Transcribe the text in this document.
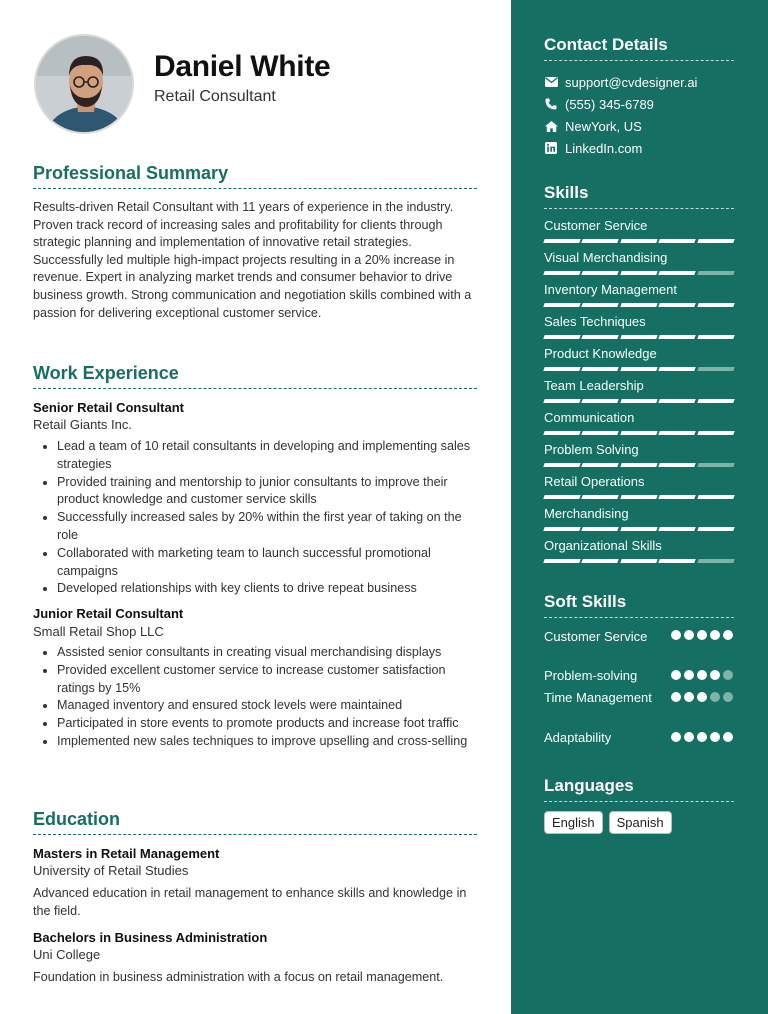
Daniel White
Retail Consultant
Professional Summary
Results-driven Retail Consultant with 11 years of experience in the industry. Proven track record of increasing sales and profitability for clients through strategic planning and implementation of innovative retail strategies. Successfully led multiple high-impact projects resulting in a 20% increase in revenue. Expert in analyzing market trends and consumer behavior to drive business growth. Strong communication and negotiation skills combined with a passion for delivering exceptional customer service.
Work Experience
Senior Retail Consultant
Retail Giants Inc.
Lead a team of 10 retail consultants in developing and implementing sales strategies
Provided training and mentorship to junior consultants to improve their product knowledge and customer service skills
Successfully increased sales by 20% within the first year of taking on the role
Collaborated with marketing team to launch successful promotional campaigns
Developed relationships with key clients to drive repeat business
Junior Retail Consultant
Small Retail Shop LLC
Assisted senior consultants in creating visual merchandising displays
Provided excellent customer service to increase customer satisfaction ratings by 15%
Managed inventory and ensured stock levels were maintained
Participated in store events to promote products and increase foot traffic
Implemented new sales techniques to improve upselling and cross-selling
Education
Masters in Retail Management
University of Retail Studies
Advanced education in retail management to enhance skills and knowledge in the field.
Bachelors in Business Administration
Uni College
Foundation in business administration with a focus on retail management.
Contact Details
support@cvdesigner.ai
(555) 345-6789
NewYork, US
LinkedIn.com
Skills
Customer Service
Visual Merchandising
Inventory Management
Sales Techniques
Product Knowledge
Team Leadership
Communication
Problem Solving
Retail Operations
Merchandising
Organizational Skills
Soft Skills
Customer Service
Problem-solving
Time Management
Adaptability
Languages
English	Spanish
